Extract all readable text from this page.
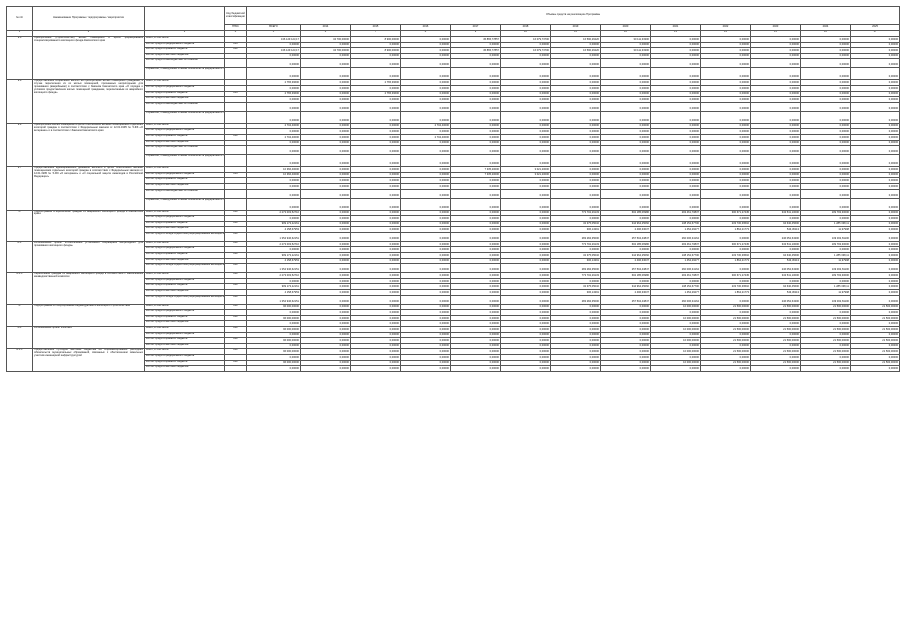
№ п/п	Наименование Программы / подпрограммы / мероприятия		Код бюджетной классификации	Объемы средств на реализацию Программы												
			ГРБС	ВСЕГО	2014	2015	2016	2017	2018	2019	2020	2021	2022	2023	2024	2025
1	2	3	4	5	6	7	8	9	10	11	12	13	14	15	16	17
9.6	Приобретение (строительство) жилых помещений в целях формирования специализированного жилищного фонда Камчатского края	Всего, в том числе:		136 129 123,17	34 700,00000	8 900,00000	0,00000	45 865,77857	16 079,73700	16 590,26220	30 111,33300	0,00000	0,00000	0,00000	0,00000	0,00000
		за счет средств федерального бюджета	810	0,00000	0,00000	0,00000	0,00000	0,00000	0,00000	0,00000	0,00000	0,00000	0,00000	0,00000	0,00000	0,00000
		за счет средств краевого бюджета	812	136 129 123,17	34 700,00000	8 900,00000	0,00000	45 865,77857	16 079,73700	16 590,26220	30 111,33300	0,00000	0,00000	0,00000	0,00000	0,00000
		за счет средств местных бюджетов		0,00000	0,00000	0,00000	0,00000	0,00000	0,00000	0,00000	0,00000	0,00000	0,00000	0,00000	0,00000	0,00000
		за счет средств внебюджетных источников		0,00000	0,00000	0,00000	0,00000	0,00000	0,00000	0,00000	0,00000	0,00000	0,00000	0,00000	0,00000	0,00000
		Справочно, планируемые объемы обязательств федерального		0,00000	0,00000	0,00000	0,00000	0,00000	0,00000	0,00000	0,00000	0,00000	0,00000	0,00000	0,00000	0,00000
9.8	Предоставление социальных выплат на приобретение жилых помещений гражданам, в случае переселения их из жилых помещений, признанных непригодными для проживания (аварийными) в соответствии с Законом Камчатского края «О порядке и условиях предоставления жилых помещений гражданам, переселяемым из аварийного жилищного фонда»	Всего, в том числе:		2 765,39600	0,00000	2 765,39600	0,00000	0,00000	0,00000	0,00000	0,00000	0,00000	0,00000	0,00000	0,00000	0,00000
		за счет средств федерального бюджета		0,00000	0,00000	0,00000	0,00000	0,00000	0,00000	0,00000	0,00000	0,00000	0,00000	0,00000	0,00000	0,00000
		за счет средств краевого бюджета	810	2 765,39600	0,00000	2 765,39600	0,00000	0,00000	0,00000	0,00000	0,00000	0,00000	0,00000	0,00000	0,00000	0,00000
		за счет средств местных бюджетов		0,00000	0,00000	0,00000	0,00000	0,00000	0,00000	0,00000	0,00000	0,00000	0,00000	0,00000	0,00000	0,00000
		за счет средств внебюджетных источников		0,00000	0,00000	0,00000	0,00000	0,00000	0,00000	0,00000	0,00000	0,00000	0,00000	0,00000	0,00000	0,00000
		Справочно, планируемые объемы обязательств федерального		0,00000	0,00000	0,00000	0,00000	0,00000	0,00000	0,00000	0,00000	0,00000	0,00000	0,00000	0,00000	0,00000
9.9	Приобретение жилых помещений в целях обеспечения жилыми помещениями отдельных категорий граждан в соответствии с Федеральным законом от 12.01.1995 № 5-ФЗ «О ветеранах» и в соответствии с Законом Камчатского края	Всего, в том числе:		2 704,40000	0,00000	0,00000	2 704,40000	0,00000	0,00000	0,00000	0,00000	0,00000	0,00000	0,00000	0,00000	0,00000
		за счет средств федерального бюджета		0,00000	0,00000	0,00000	0,00000	0,00000	0,00000	0,00000	0,00000	0,00000	0,00000	0,00000	0,00000	0,00000
		за счет средств краевого бюджета	812	2 704,40000	0,00000	0,00000	2 704,40000	0,00000	0,00000	0,00000	0,00000	0,00000	0,00000	0,00000	0,00000	0,00000
		за счет средств местных бюджетов		0,00000	0,00000	0,00000	0,00000	0,00000	0,00000	0,00000	0,00000	0,00000	0,00000	0,00000	0,00000	0,00000
		за счет средств внебюджетных источников		0,00000	0,00000	0,00000	0,00000	0,00000	0,00000	0,00000	0,00000	0,00000	0,00000	0,00000	0,00000	0,00000
		Справочно, планируемые объемы обязательств федерального		0,00000	0,00000	0,00000	0,00000	0,00000	0,00000	0,00000	0,00000	0,00000	0,00000	0,00000	0,00000	0,00000
9.7	Предоставление единовременной денежной выплаты в целях обеспечения жилыми помещениями отдельных категорий граждан в соответствии с Федеральным законом от 12.01.1995 № 5-ФЗ «О ветеранах» и «О социальной защите инвалидов в Российской Федерации»	Всего, в том числе:		10 366,40000	0,00000	0,00000	0,00000	7 335,20000	3 021,20000	0,00000	0,00000	0,00000	0,00000	0,00000	0,00000	0,00000
		за счет средств федерального бюджета	810	10 366,40000	0,00000	0,00000	0,00000	7 335,20000	3 021,20000	0,00000	0,00000	0,00000	0,00000	0,00000	0,00000	0,00000
		за счет средств краевого бюджета		0,00000	0,00000	0,00000	0,00000	0,00000	0,00000	0,00000	0,00000	0,00000	0,00000	0,00000	0,00000	0,00000
		за счет средств местных бюджетов		0,00000	0,00000	0,00000	0,00000	0,00000	0,00000	0,00000	0,00000	0,00000	0,00000	0,00000	0,00000	0,00000
		за счет средств внебюджетных источников		0,00000	0,00000	0,00000	0,00000	0,00000	0,00000	0,00000	0,00000	0,00000	0,00000	0,00000	0,00000	0,00000
		Справочно, планируемые объемы обязательств федерального		0,00000	0,00000	0,00000	0,00000	0,00000	0,00000	0,00000	0,00000	0,00000	0,00000	0,00000	0,00000	0,00000
А	Подпрограмма «Переселение граждан из аварийного жилищного фонда в Камчатском крае»	Всего, в том числе:	812	2 273 003,52710	0,00000	0,00000	0,00000	0,00000	0,00000	773 702,29133	602 185,06986	293 461,70837	300 671,27445	343 541,10000	109 793,30000	0,00000
		за счет средств федерального бюджета		0,00000	0,00000	0,00000	0,00000	0,00000	0,00000	0,00000	0,00000	0,00000	0,00000	0,00000	0,00000	0,00000
		за счет средств краевого бюджета	812	909 173,22161	0,00000	0,00000	0,00000	0,00000	0,00000	32 375,05032	344 964,25060	138 152,67700	233 730,39502	94 640,45600	1 285 338,11	0,00000
		за счет средств местных бюджетов		4 158,67953	0,00000	0,00000	0,00000	0,00000	0,00000	306,14391	2 496,33037	1 454,29277	1 864,21773	543,36113	11,97998	0,00000
		за счет средств Фонда содействия реформированию жилищно-ко	812	1 354 946,62151	0,00000	0,00000	0,00000	0,00000	0,00000	283 284,35000	257 504,43847	260 006,34164	0,00000	246 052,64300	109 302,81100	0,00000
А.1	Региональный проект «Обеспечение устойчивого сокращения непригодного для проживания жилищного фонда»	Всего, в том числе:	812	2 273 003,52710	0,00000	0,00000	0,00000	0,00000	0,00000	773 702,29133	602 185,06986	293 461,70837	300 671,27445	343 541,10000	109 793,30000	0,00000
		за счет средств федерального бюджета		0,00000	0,00000	0,00000	0,00000	0,00000	0,00000	0,00000	0,00000	0,00000	0,00000	0,00000	0,00000	0,00000
		за счет средств краевого бюджета	812	909 173,22161	0,00000	0,00000	0,00000	0,00000	0,00000	32 375,05032	344 964,25060	138 152,67700	233 730,39502	94 640,45600	1 285 338,11	0,00000
		за счет средств местных бюджетов		4 158,67953	0,00000	0,00000	0,00000	0,00000	0,00000	306,14391	2 496,33037	1 454,29277	1 864,21773	543,36113	11,97998	0,00000
		за счет средств Фонда содействия реформированию жилищно-ко	812	1 354 946,62151	0,00000	0,00000	0,00000	0,00000	0,00000	283 284,35000	257 504,43847	260 006,34164	0,00000	246 052,64300	109 302,81100	0,00000
А.1.1	Переселение граждан из аварийного жилищного фонда в соответствии с заключением межведомственной комиссии	Всего, в том числе:	812	2 273 003,52710	0,00000	0,00000	0,00000	0,00000	0,00000	773 702,29133	602 185,06986	293 461,70837	300 671,27445	343 541,10000	109 793,30000	0,00000
		за счет средств федерального бюджета		0,00000	0,00000	0,00000	0,00000	0,00000	0,00000	0,00000	0,00000	0,00000	0,00000	0,00000	0,00000	0,00000
		за счет средств краевого бюджета	812	909 173,22161	0,00000	0,00000	0,00000	0,00000	0,00000	32 375,05032	344 964,25060	138 152,67700	233 730,39502	94 640,45600	1 285 338,11	0,00000
		за счет средств местных бюджетов		4 158,67953	0,00000	0,00000	0,00000	0,00000	0,00000	306,14391	2 496,33037	1 454,29277	1 864,21773	543,36113	11,97998	0,00000
		за счет средств Фонда содействия реформированию жилищно-ко	812	1 354 946,62151	0,00000	0,00000	0,00000	0,00000	0,00000	283 284,35000	257 504,43847	260 006,34164	0,00000	246 052,64300	109 302,81100	0,00000
Б	Подпрограмма «Стимулирование индивидуального жилищного строительства»	Всего, в том числе:	812	96 000,00000	0,00000	0,00000	0,00000	0,00000	0,00000	0,00000	0,00000	10 000,00000	21 500,00000	21 500,00000	21 500,00000	21 500,00000
		за счет средств федерального бюджета		0,00000	0,00000	0,00000	0,00000	0,00000	0,00000	0,00000	0,00000	0,00000	0,00000	0,00000	0,00000	0,00000
		за счет средств краевого бюджета	812	96 000,00000	0,00000	0,00000	0,00000	0,00000	0,00000	0,00000	0,00000	10 000,00000	21 500,00000	21 500,00000	21 500,00000	21 500,00000
		за счет средств местных бюджетов		0,00000	0,00000	0,00000	0,00000	0,00000	0,00000	0,00000	0,00000	0,00000	0,00000	0,00000	0,00000	0,00000
Б.1	Региональный проект «Жильё»	Всего, в том числе:	812	96 000,00000	0,00000	0,00000	0,00000	0,00000	0,00000	0,00000	0,00000	10 000,00000	21 500,00000	21 500,00000	21 500,00000	21 500,00000
		за счет средств федерального бюджета		0,00000	0,00000	0,00000	0,00000	0,00000	0,00000	0,00000	0,00000	0,00000	0,00000	0,00000	0,00000	0,00000
		за счет средств краевого бюджета	812	96 000,00000	0,00000	0,00000	0,00000	0,00000	0,00000	0,00000	0,00000	10 000,00000	21 500,00000	21 500,00000	21 500,00000	21 500,00000
		за счет средств местных бюджетов		0,00000	0,00000	0,00000	0,00000	0,00000	0,00000	0,00000	0,00000	0,00000	0,00000	0,00000	0,00000	0,00000
Б.1.1	Предоставление субсидий местным бюджетам на софинансирование расходных обязательств муниципальных образований, связанных с обеспечением земельных участков инженерной инфраструктурой	Всего, в том числе:	812	96 000,00000	0,00000	0,00000	0,00000	0,00000	0,00000	0,00000	0,00000	10 000,00000	21 500,00000	21 500,00000	21 500,00000	21 500,00000
		за счет средств федерального бюджета		0,00000	0,00000	0,00000	0,00000	0,00000	0,00000	0,00000	0,00000	0,00000	0,00000	0,00000	0,00000	0,00000
		за счет средств краевого бюджета	812	96 000,00000	0,00000	0,00000	0,00000	0,00000	0,00000	0,00000	0,00000	10 000,00000	21 500,00000	21 500,00000	21 500,00000	21 500,00000
		за счет средств местных бюджетов		0,00000	0,00000	0,00000	0,00000	0,00000	0,00000	0,00000	0,00000	0,00000	0,00000	0,00000	0,00000	0,00000
